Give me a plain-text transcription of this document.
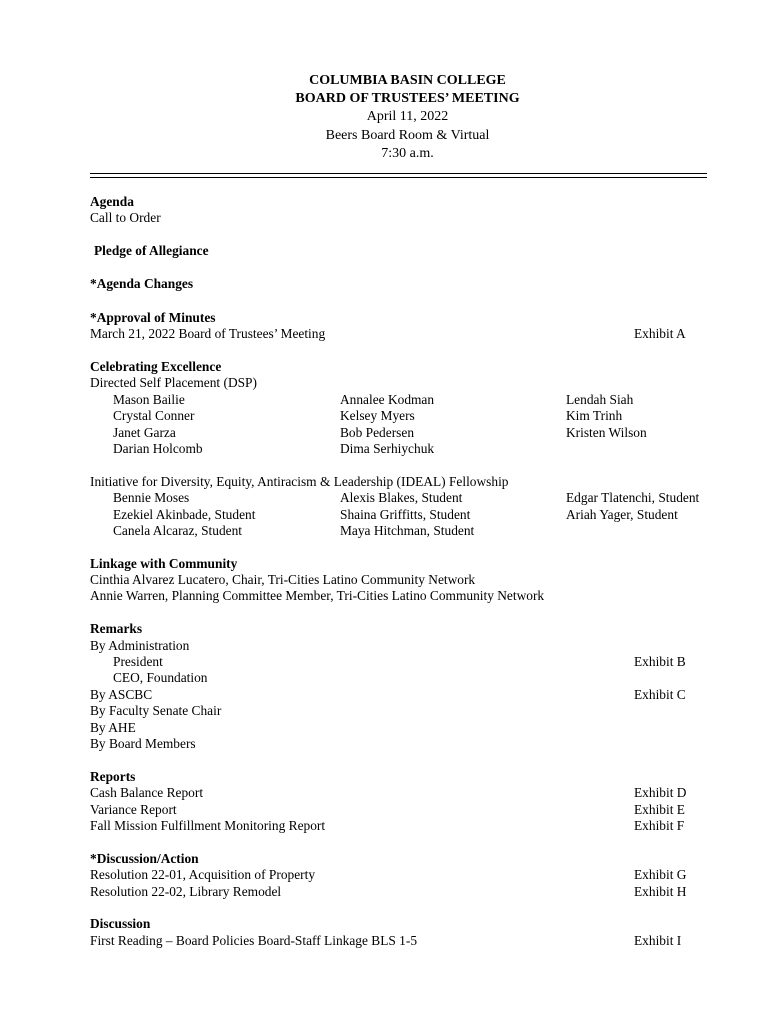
COLUMBIA BASIN COLLEGE
BOARD OF TRUSTEES’ MEETING
April 11, 2022
Beers Board Room & Virtual
7:30 a.m.
Agenda
Call to Order
Pledge of Allegiance
*Agenda Changes
*Approval of Minutes
March 21, 2022 Board of Trustees’ Meeting	Exhibit A
Celebrating Excellence
Directed Self Placement (DSP)
Mason Bailie	Annalee Kodman	Lendah Siah
Crystal Conner	Kelsey Myers	Kim Trinh
Janet Garza	Bob Pedersen	Kristen Wilson
Darian Holcomb	Dima Serhiychuk
Initiative for Diversity, Equity, Antiracism & Leadership (IDEAL) Fellowship
Bennie Moses	Alexis Blakes, Student	Edgar Tlatenchi, Student
Ezekiel Akinbade, Student	Shaina Griffitts, Student	Ariah Yager, Student
Canela Alcaraz, Student	Maya Hitchman, Student
Linkage with Community
Cinthia Alvarez Lucatero, Chair, Tri-Cities Latino Community Network
Annie Warren, Planning Committee Member, Tri-Cities Latino Community Network
Remarks
By Administration
President	Exhibit B
CEO, Foundation
By ASCBC	Exhibit C
By Faculty Senate Chair
By AHE
By Board Members
Reports
Cash Balance Report	Exhibit D
Variance Report	Exhibit E
Fall Mission Fulfillment Monitoring Report	Exhibit F
*Discussion/Action
Resolution 22-01, Acquisition of Property	Exhibit G
Resolution 22-02, Library Remodel	Exhibit H
Discussion
First Reading – Board Policies Board-Staff Linkage BLS 1-5	Exhibit I
